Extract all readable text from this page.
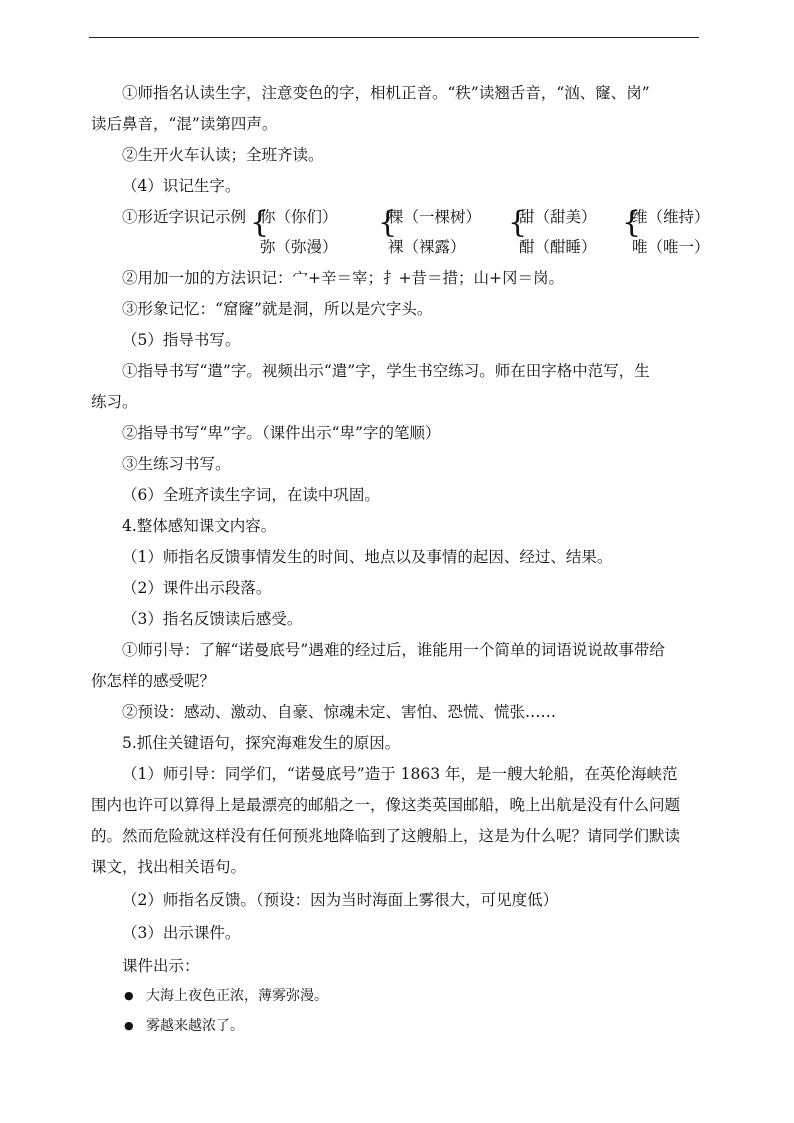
①师指名认读生字，注意变色的字，相机正音。“秩”读翘舌音，“汹、窿、岗”
读后鼻音，“混”读第四声。
②生开火车认读；全班齐读。
（4）识记生字。
①形近字识记示例 {
你（你们）
弥（弥漫）
{
棵（一棵树）
裸（裸露）
{
甜（甜美）
酣（酣睡）
{
维（维持）
唯（唯一）
②用加一加的方法识记：宀+辛＝宰；扌+昔＝措；山+冈＝岗。
③形象记忆：“窟窿”就是洞，所以是穴字头。
（5）指导书写。
①指导书写“遣”字。视频出示“遣”字，学生书空练习。师在田字格中范写，生
练习。
②指导书写“卑”字。（课件出示“卑”字的笔顺）
③生练习书写。
（6）全班齐读生字词，在读中巩固。
4.整体感知课文内容。
（1）师指名反馈事情发生的时间、地点以及事情的起因、经过、结果。
（2）课件出示段落。
（3）指名反馈读后感受。
①师引导：了解“诺曼底号”遇难的经过后，谁能用一个简单的词语说说故事带给
你怎样的感受呢？
②预设：感动、激动、自豪、惊魂未定、害怕、恐慌、慌张……
5.抓住关键语句，探究海难发生的原因。
（1）师引导：同学们，“诺曼底号”造于 1863 年，是一艘大轮船，在英伦海峡范
围内也许可以算得上是最漂亮的邮船之一，像这类英国邮船，晚上出航是没有什么问题
的。然而危险就这样没有任何预兆地降临到了这艘船上，这是为什么呢？请同学们默读
课文，找出相关语句。
（2）师指名反馈。（预设：因为当时海面上雾很大，可见度低）
（3）出示课件。
课件出示：
● 大海上夜色正浓，薄雾弥漫。
● 雾越来越浓了。
